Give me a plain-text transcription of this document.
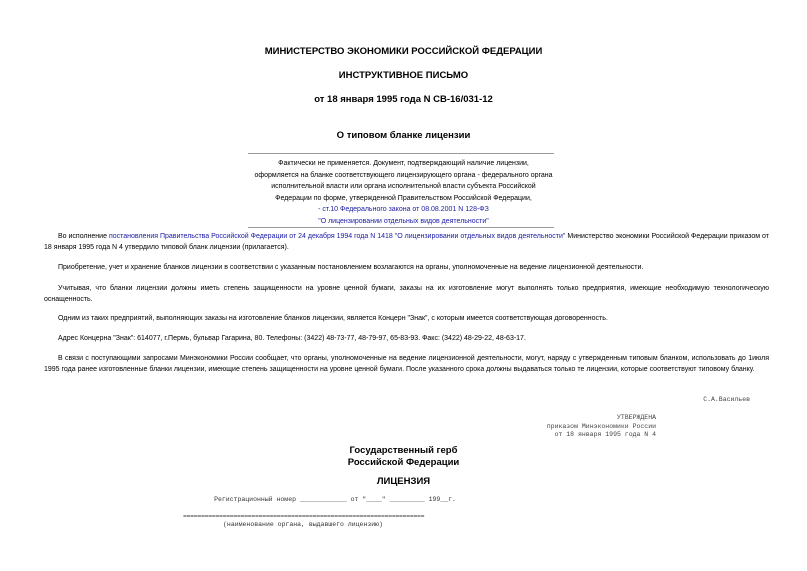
МИНИСТЕРСТВО ЭКОНОМИКИ РОССИЙСКОЙ ФЕДЕРАЦИИ
ИНСТРУКТИВНОЕ ПИСЬМО
от 18 января 1995 года N СВ-16/031-12
О типовом бланке лицензии
Фактически не применяется. Документ, подтверждающий наличие лицензии,
оформляется на бланке соответствующего лицензирующего органа - федерального органа
исполнительной власти или органа исполнительной власти субъекта Российской
Федерации по форме, утвержденной Правительством Российской Федерации,
- ст.10 Федерального закона от 08.08.2001 N 128-ФЗ
"О лицензировании отдельных видов деятельности"
Во исполнение постановления Правительства Российской Федерации от 24 декабря 1994 года N 1418 "О лицензировании отдельных видов деятельности" Министерство экономики Российской Федерации приказом от 18 января 1995 года N 4 утвердило типовой бланк лицензии (прилагается).
Приобретение, учет и хранение бланков лицензии в соответствии с указанным постановлением возлагаются на органы, уполномоченные на ведение лицензионной деятельности.
Учитывая, что бланки лицензии должны иметь степень защищенности на уровне ценной бумаги, заказы на их изготовление могут выполнять только предприятия, имеющие необходимую технологическую оснащенность.
Одним из таких предприятий, выполняющих заказы на изготовление бланков лицензии, является Концерн "Знак", с которым имеется соответствующая договоренность.
Адрес Концерна "Знак": 614077, г.Пермь, бульвар Гагарина, 80. Телефоны: (3422) 48-73-77, 48-79-97, 65-83-93. Факс: (3422) 48-29-22, 48-63-17.
В связи с поступающими запросами Минэкономики России сообщает, что органы, уполномоченные на ведение лицензионной деятельности, могут, наряду с утвержденным типовым бланком, использовать до 1июля 1995 года ранее изготовленные бланки лицензии, имеющие степень защищенности на уровне ценной бумаги. После указанного срока должны выдаваться только те лицензии, которые соответствуют типовому бланку.
С.А.Васильев
УТВЕРЖДЕНА
приказом Минэкономики России
от 18 января 1995 года N 4
Государственный герб
Российской Федерации
ЛИЦЕНЗИЯ
Регистрационный номер ____________ от "____" _________ 199__г.
===================================================================
(наименование органа, выдавшего лицензию)
